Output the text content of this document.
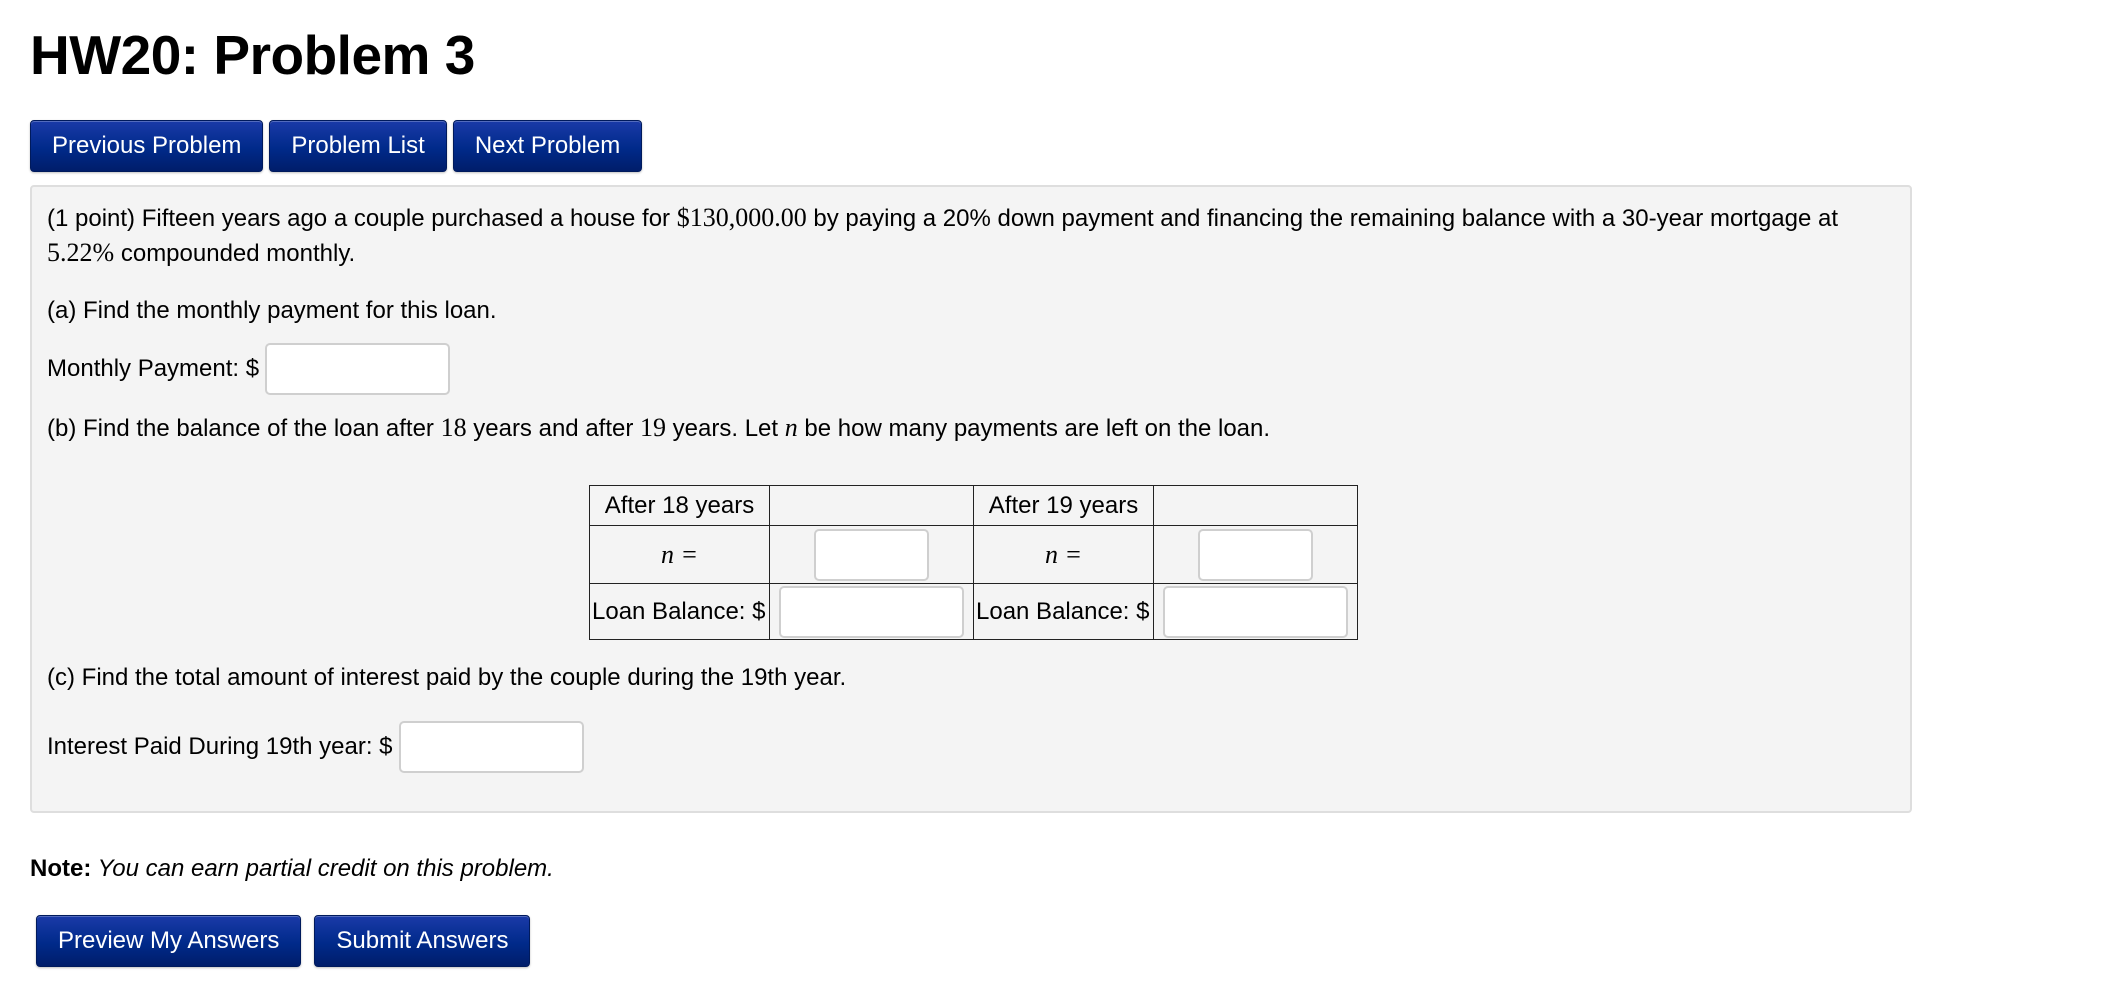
HW20: Problem 3
Previous Problem	Problem List	Next Problem

(1 point) Fifteen years ago a couple purchased a house for $130,000.00 by paying a 20% down payment and financing the remaining balance with a 30-year mortgage at 5.22% compounded monthly.

(a) Find the monthly payment for this loan.

Monthly Payment: $

(b) Find the balance of the loan after 18 years and after 19 years. Let n be how many payments are left on the loan.

After 18 years		After 19 years	
n =		n =	
Loan Balance: $		Loan Balance: $	

(c) Find the total amount of interest paid by the couple during the 19th year.

Interest Paid During 19th year: $
Note: You can earn partial credit on this problem.
Preview My Answers	Submit Answers
